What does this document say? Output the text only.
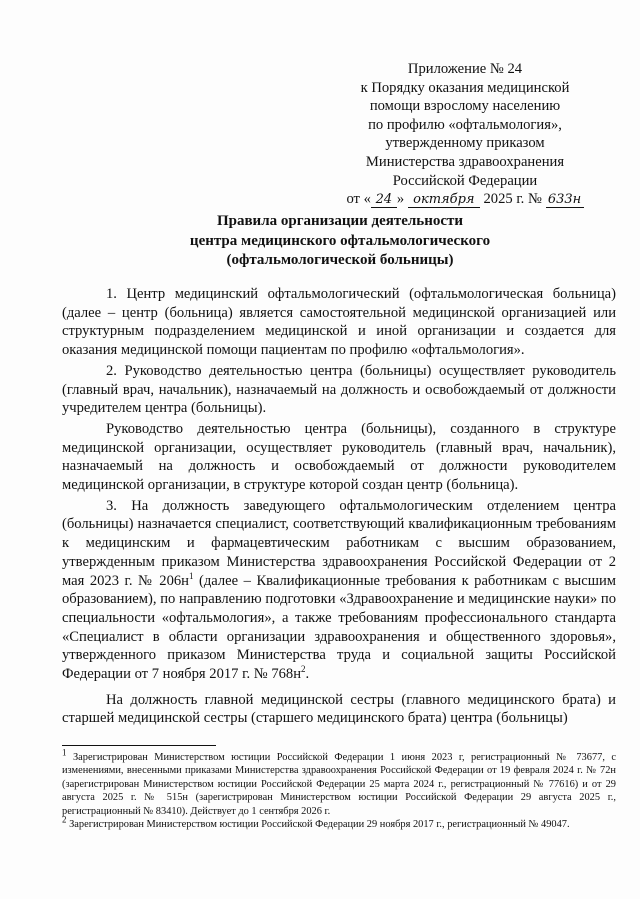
Приложение № 24
к Порядку оказания медицинской
помощи взрослому населению
по профилю «офтальмология»,
утвержденному приказом
Министерства здравоохранения
Российской Федерации
от « 24 » октября 2025 г. № 633н
Правила организации деятельности
центра медицинского офтальмологического
(офтальмологической больницы)

1. Центр медицинский офтальмологический (офтальмологическая больница) (далее – центр (больница) является самостоятельной медицинской организацией или структурным подразделением медицинской и иной организации и создается для оказания медицинской помощи пациентам по профилю «офтальмология».

2. Руководство деятельностью центра (больницы) осуществляет руководитель (главный врач, начальник), назначаемый на должность и освобождаемый от должности учредителем центра (больницы).

Руководство деятельностью центра (больницы), созданного в структуре медицинской организации, осуществляет руководитель (главный врач, начальник), назначаемый на должность и освобождаемый от должности руководителем медицинской организации, в структуре которой создан центр (больница).

3. На должность заведующего офтальмологическим отделением центра (больницы) назначается специалист, соответствующий квалификационным требованиям к медицинским и фармацевтическим работникам с высшим образованием, утвержденным приказом Министерства здравоохранения Российской Федерации от 2 мая 2023 г. № $206н^1$ (далее – Квалификационные требования к работникам с высшим образованием), по направлению подготовки «Здравоохранение и медицинские науки» по специальности «офтальмология», а также требованиям профессионального стандарта «Специалист в области организации здравоохранения и общественного здоровья», утвержденного приказом Министерства труда и социальной защиты Российской Федерации от 7 ноября 2017 г. № $768н^2$.

На должность главной медицинской сестры (главного медицинского брата) и старшей медицинской сестры (старшего медицинского брата) центра (больницы)

$^1$ Зарегистрирован Министерством юстиции Российской Федерации 1 июня 2023 г, регистрационный № 73677, с изменениями, внесенными приказами Министерства здравоохранения Российской Федерации от 19 февраля 2024 г. № 72н (зарегистрирован Министерством юстиции Российской Федерации 25 марта 2024 г., регистрационный № 77616) и от 29 августа 2025 г. № 515н (зарегистрирован Министерством юстиции Российской Федерации 29 августа 2025 г., регистрационный № 83410). Действует до 1 сентября 2026 г.

$^2$ Зарегистрирован Министерством юстиции Российской Федерации 29 ноября 2017 г., регистрационный № 49047.
